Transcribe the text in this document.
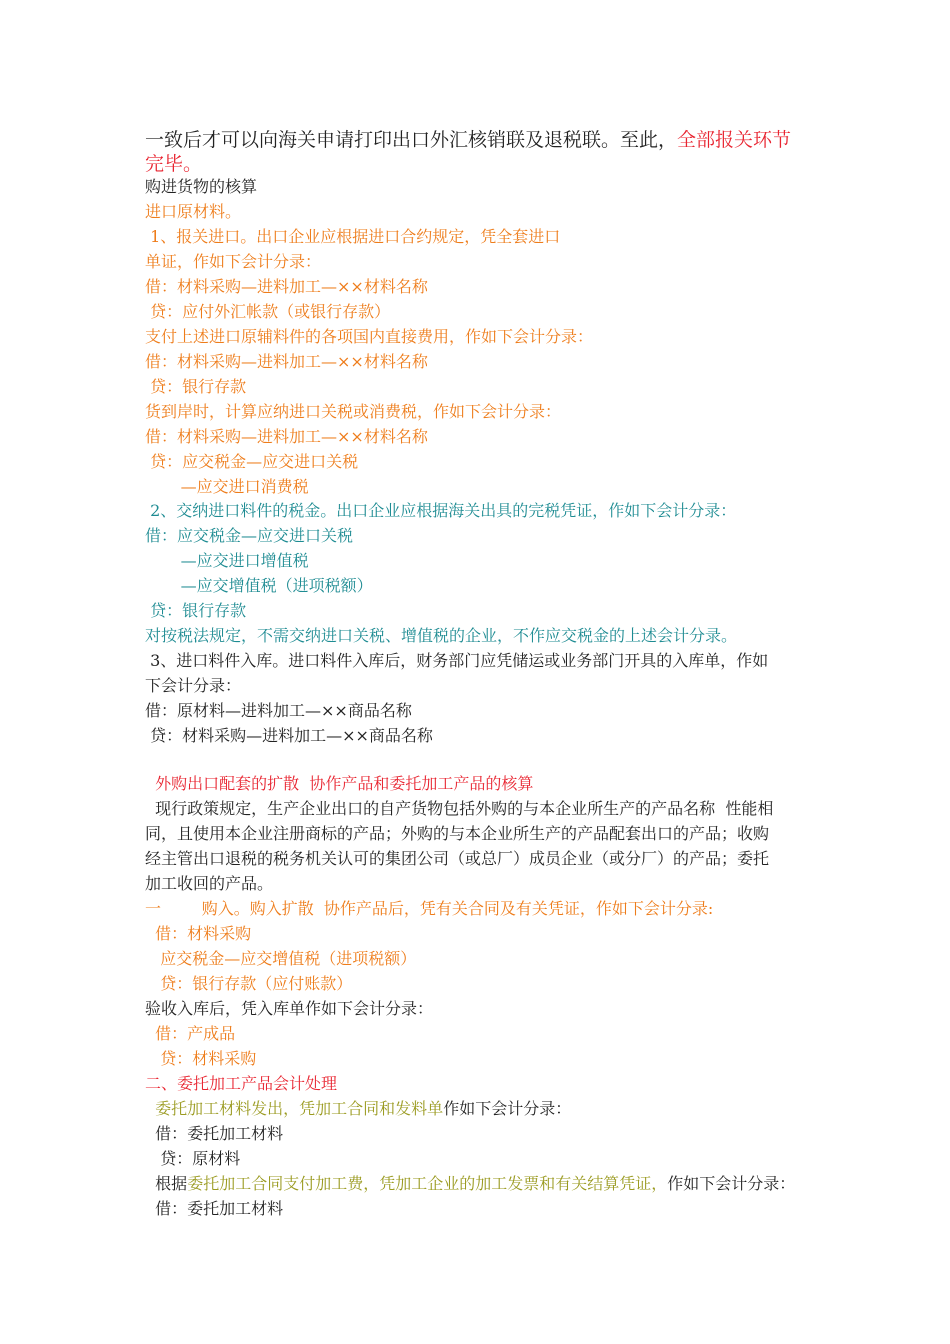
一致后才可以向海关申请打印出口外汇核销联及退税联。至此，全部报关环节
完毕。
购进货物的核算
进口原材料。
1、报关进口。出口企业应根据进口合约规定，凭全套进口
单证，作如下会计分录：
借：材料采购—进料加工—××材料名称
贷：应付外汇帐款（或银行存款）
支付上述进口原辅料件的各项国内直接费用，作如下会计分录：
借：材料采购—进料加工—××材料名称
贷：银行存款
货到岸时，计算应纳进口关税或消费税，作如下会计分录：
借：材料采购—进料加工—××材料名称
贷：应交税金—应交进口关税
—应交进口消费税
2、交纳进口料件的税金。出口企业应根据海关出具的完税凭证，作如下会计分录：
借：应交税金—应交进口关税
—应交进口增值税
—应交增值税（进项税额）
贷：银行存款
对按税法规定，不需交纳进口关税、增值税的企业，不作应交税金的上述会计分录。
3、进口料件入库。进口料件入库后，财务部门应凭储运或业务部门开具的入库单，作如
下会计分录：
借：原材料—进料加工—××商品名称
贷：材料采购—进料加工—××商品名称
外购出口配套的扩散  协作产品和委托加工产品的核算
现行政策规定，生产企业出口的自产货物包括外购的与本企业所生产的产品名称  性能相
同，且使用本企业注册商标的产品；外购的与本企业所生产的产品配套出口的产品；收购
经主管出口退税的税务机关认可的集团公司（或总厂）成员企业（或分厂）的产品；委托
加工收回的产品。
一        购入。购入扩散  协作产品后，凭有关合同及有关凭证，作如下会计分录:
借：材料采购
应交税金—应交增值税（进项税额）
贷：银行存款（应付账款）
验收入库后，凭入库单作如下会计分录：
借：产成品
贷：材料采购
二、委托加工产品会计处理
委托加工材料发出，凭加工合同和发料单作如下会计分录：
借：委托加工材料
贷：原材料
根据委托加工合同支付加工费，凭加工企业的加工发票和有关结算凭证，作如下会计分录：
借：委托加工材料
